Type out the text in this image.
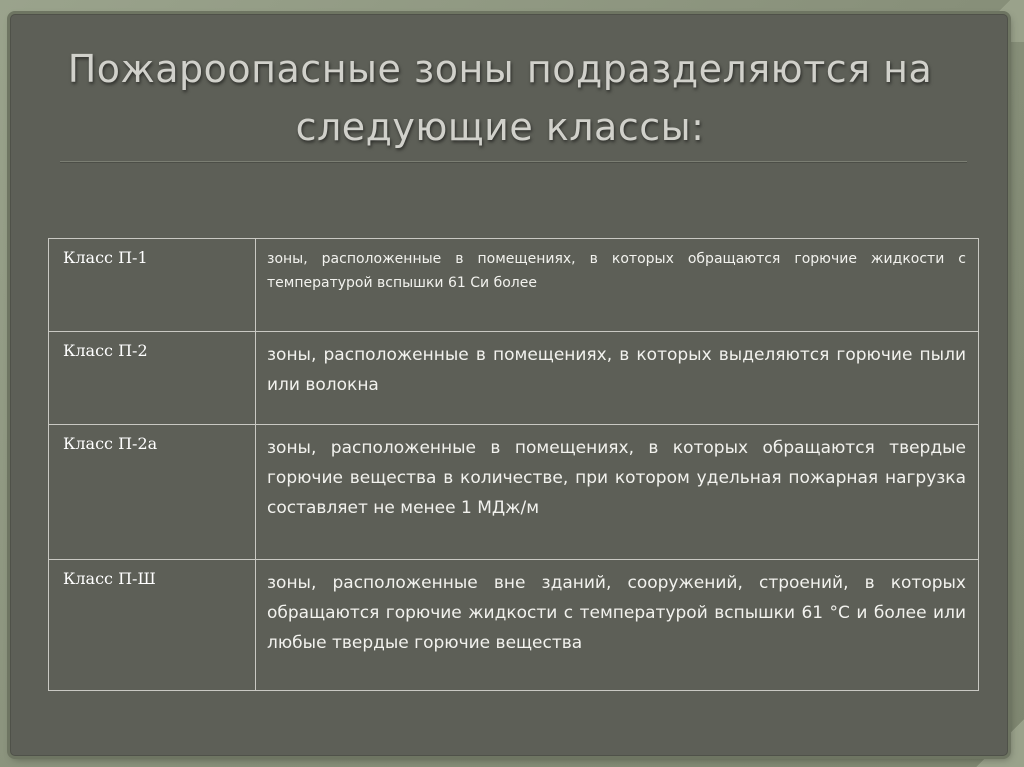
Пожароопасные зоны подразделяются на
следующие классы:
Класс П-1	зоны, расположенные в помещениях, в которых обращаются горючие жидкости с температурой вспышки 61 Си более
Класс П-2	зоны, расположенные в помещениях, в которых выделяются горючие пыли или волокна
Класс П-2а	зоны, расположенные в помещениях, в которых обращаются твердые горючие вещества в количестве, при котором удельная пожарная нагрузка составляет не менее 1 МДж/м
Класс П-Ш	зоны, расположенные вне зданий, сооружений, строений, в которых обращаются горючие жидкости с температурой вспышки 61 °С и более или любые твердые горючие вещества
